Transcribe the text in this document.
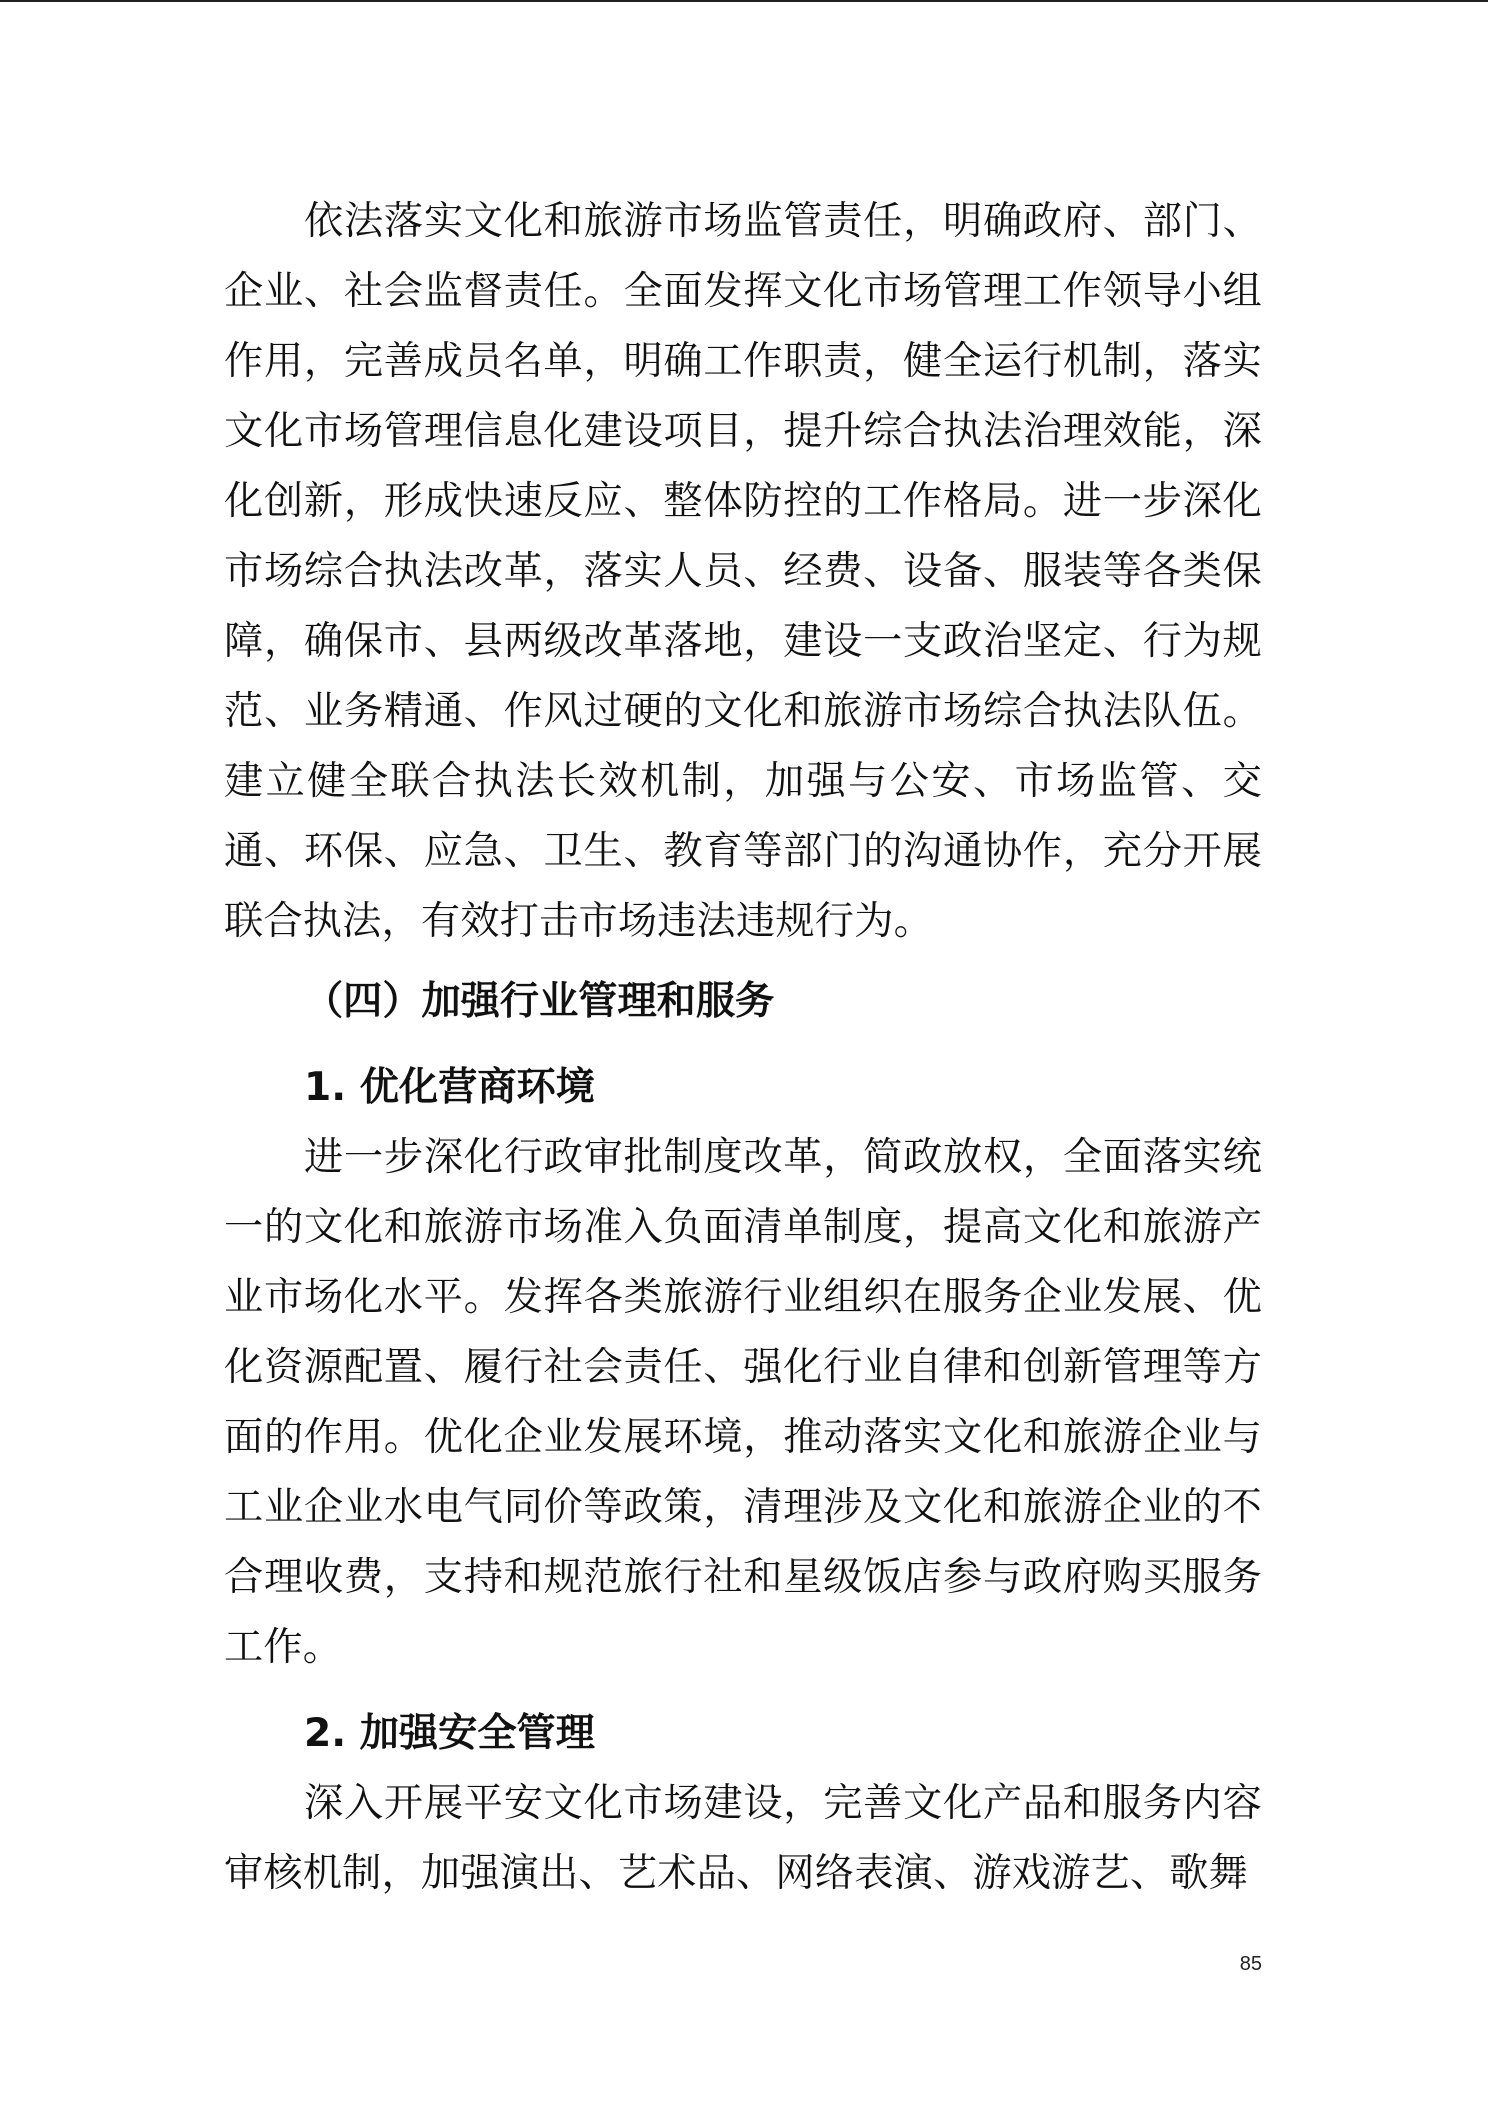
依法落实文化和旅游市场监管责任，明确政府、部门、企业、社会监督责任。全面发挥文化市场管理工作领导小组作用，完善成员名单，明确工作职责，健全运行机制，落实文化市场管理信息化建设项目，提升综合执法治理效能，深化创新，形成快速反应、整体防控的工作格局。进一步深化市场综合执法改革，落实人员、经费、设备、服装等各类保障，确保市、县两级改革落地，建设一支政治坚定、行为规范、业务精通、作风过硬的文化和旅游市场综合执法队伍。建立健全联合执法长效机制，加强与公安、市场监管、交通、环保、应急、卫生、教育等部门的沟通协作，充分开展联合执法，有效打击市场违法违规行为。

（四）加强行业管理和服务

1. 优化营商环境

进一步深化行政审批制度改革，简政放权，全面落实统一的文化和旅游市场准入负面清单制度，提高文化和旅游产业市场化水平。发挥各类旅游行业组织在服务企业发展、优化资源配置、履行社会责任、强化行业自律和创新管理等方面的作用。优化企业发展环境，推动落实文化和旅游企业与工业企业水电气同价等政策，清理涉及文化和旅游企业的不合理收费，支持和规范旅行社和星级饭店参与政府购买服务工作。

2. 加强安全管理

深入开展平安文化市场建设，完善文化产品和服务内容审核机制，加强演出、艺术品、网络表演、游戏游艺、歌舞

85
